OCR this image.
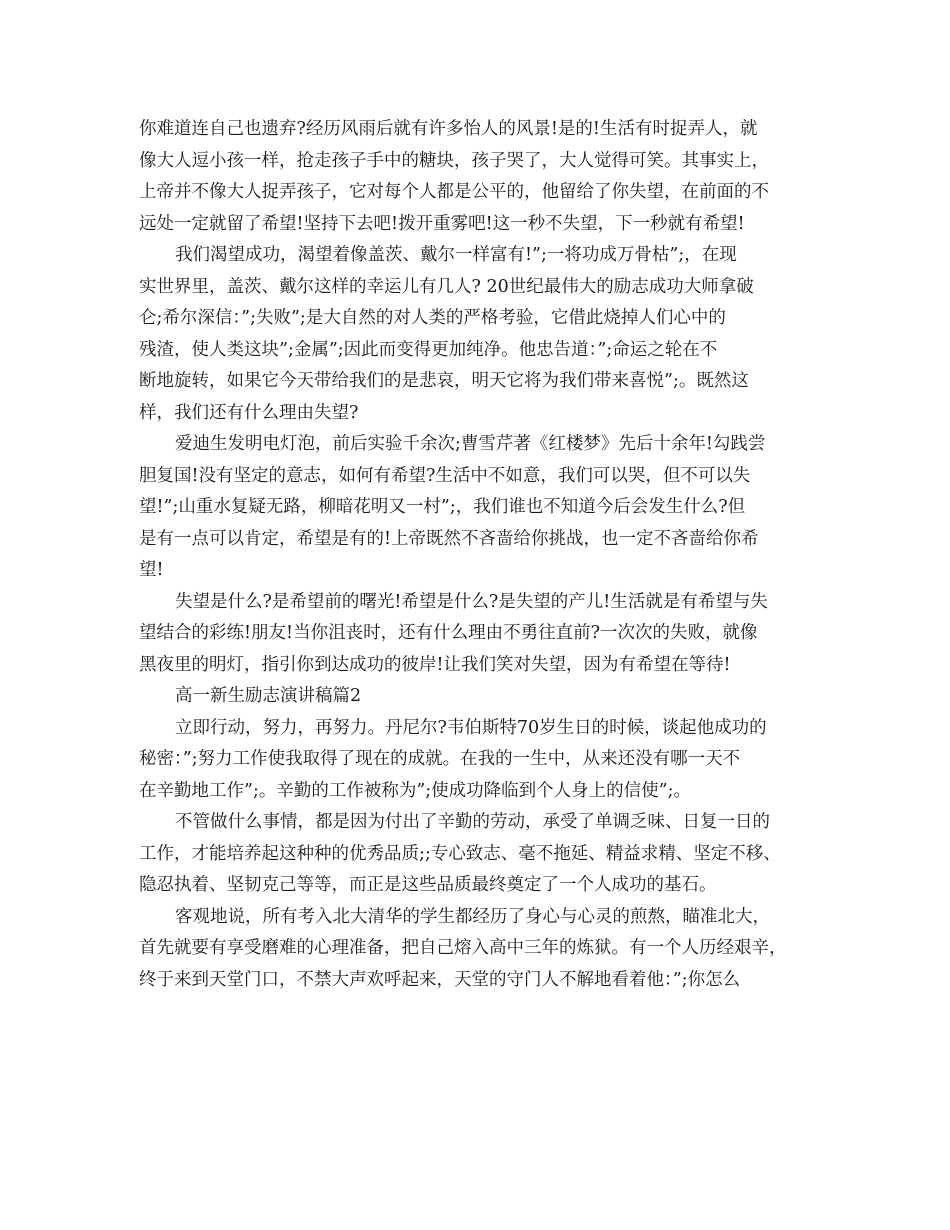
你难道连自己也遗弃?经历风雨后就有许多怡人的风景!是的!生活有时捉弄人，就
像大人逗小孩一样，抢走孩子手中的糖块，孩子哭了，大人觉得可笑。其事实上，
上帝并不像大人捉弄孩子，它对每个人都是公平的，他留给了你失望，在前面的不
远处一定就留了希望!坚持下去吧!拨开重雾吧!这一秒不失望，下一秒就有希望!
我们渴望成功，渴望着像盖茨、戴尔一样富有!”;一将功成万骨枯”;，在现
实世界里，盖茨、戴尔这样的幸运儿有几人? 20世纪最伟大的励志成功大师拿破
仑;希尔深信：”;失败”;是大自然的对人类的严格考验，它借此烧掉人们心中的
残渣，使人类这块”;金属”;因此而变得更加纯净。他忠告道：”;命运之轮在不
断地旋转，如果它今天带给我们的是悲哀，明天它将为我们带来喜悦”;。既然这
样，我们还有什么理由失望?
爱迪生发明电灯泡，前后实验千余次;曹雪芹著《红楼梦》先后十余年!勾践尝
胆复国!没有坚定的意志，如何有希望?生活中不如意，我们可以哭，但不可以失
望!”;山重水复疑无路，柳暗花明又一村”;，我们谁也不知道今后会发生什么?但
是有一点可以肯定，希望是有的!上帝既然不吝啬给你挑战，也一定不吝啬给你希
望!
失望是什么?是希望前的曙光!希望是什么?是失望的产儿!生活就是有希望与失
望结合的彩练!朋友!当你沮丧时，还有什么理由不勇往直前?一次次的失败，就像
黑夜里的明灯，指引你到达成功的彼岸!让我们笑对失望，因为有希望在等待!
高一新生励志演讲稿篇2
立即行动，努力，再努力。丹尼尔?韦伯斯特70岁生日的时候，谈起他成功的
秘密：”;努力工作使我取得了现在的成就。在我的一生中，从来还没有哪一天不
在辛勤地工作”;。辛勤的工作被称为”;使成功降临到个人身上的信使”;。
不管做什么事情，都是因为付出了辛勤的劳动，承受了单调乏味、日复一日的
工作，才能培养起这种种的优秀品质;;专心致志、毫不拖延、精益求精、坚定不移、
隐忍执着、坚韧克己等等，而正是这些品质最终奠定了一个人成功的基石。
客观地说，所有考入北大清华的学生都经历了身心与心灵的煎熬，瞄准北大，
首先就要有享受磨难的心理准备，把自己熔入高中三年的炼狱。有一个人历经艰辛，
终于来到天堂门口，不禁大声欢呼起来，天堂的守门人不解地看着他：”;你怎么
